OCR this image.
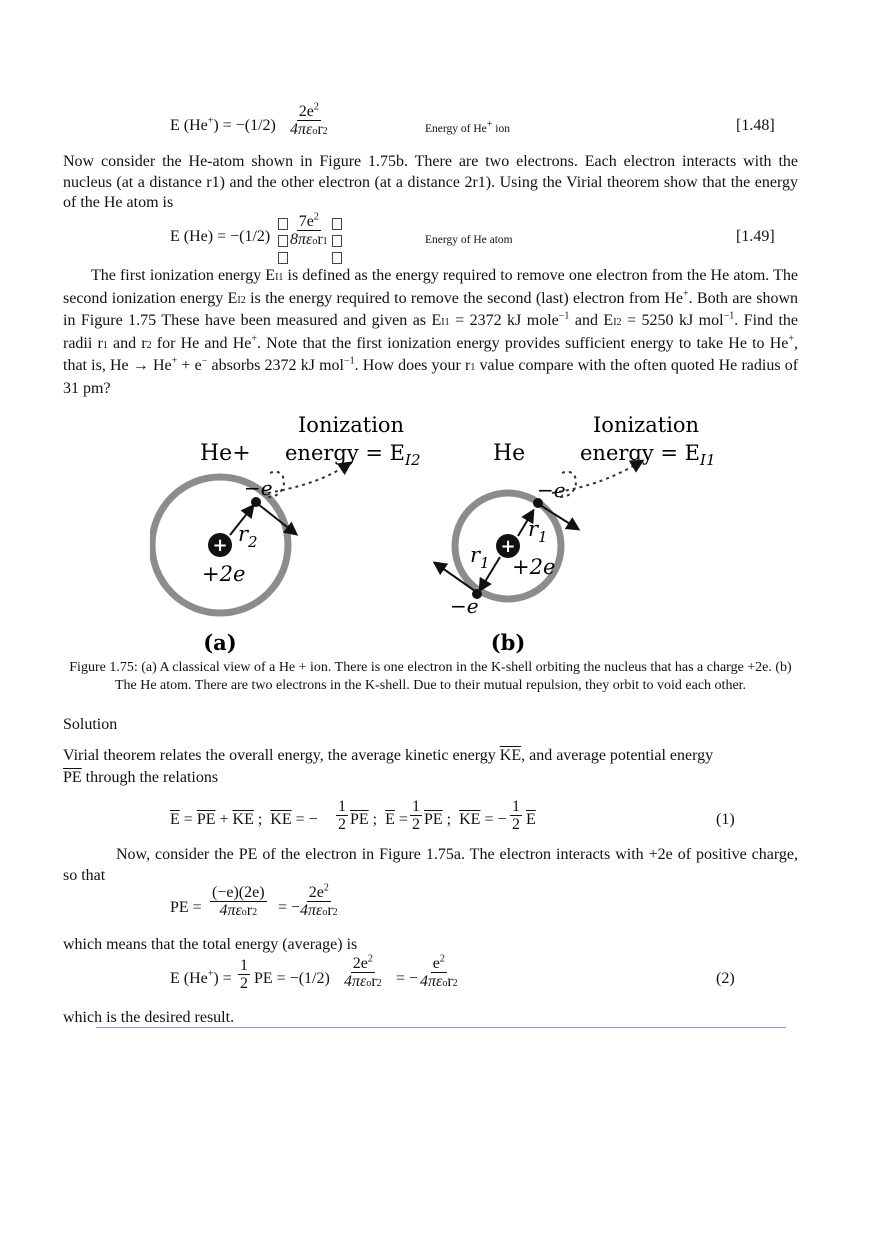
E (He+) = −(1/2)
$2e^2$
4πεor2	Energy of He+ ion	[1.48]
Now consider the He-atom shown in Figure 1.75b. There are two electrons. Each electron interacts with the nucleus (at a distance r1) and the other electron (at a distance 2r1). Using the Virial theorem show that the energy of the He atom is
E (He) = −(1/2)

$7e^2$
8πεor1	Energy of He atom	[1.49]
The first ionization energy EI1 is defined as the energy required to remove one electron from the He atom. The second ionization energy EI2 is the energy required to remove the second (last) electron from He+. Both are shown in Figure 1.75 These have been measured and given as EI1 = 2372 kJ mole$^{-1}$ and EI2 = 5250 kJ mol$^{-1}$. Find the radii r1 and r2 for He and He+. Note that the first ionization energy provides sufficient energy to take He to He+, that is, He → He+ + e− absorbs 2372 kJ mol$^{-1}$. How does your r1 value compare with the often quoted He radius of 31 pm?
He+
Ionization
energy = $E_{I2}$
+
+2e
$r_2$
−e
(a)
He
Ionization
energy = $E_{I1}$
+
+2e
$r_1$
$r_1$
−e
−e
(b)
Figure 1.75: (a) A classical view of a He + ion. There is one electron in the K-shell orbiting the nucleus that has a charge +2e. (b) The He atom. There are two electrons in the K-shell. Due to their mutual repulsion, they orbit to void each other.
Solution
Virial theorem relates the overall energy, the average kinetic energy $\overline{KE}$, and average potential energy
$\overline{PE}$ through the relations
$\overline{E} = \overline{PE} + \overline{KE}$ ;  $\overline{KE}$ = − $\frac{1}{2} \overline{PE}$ ;  $\overline{E} = \frac{1}{2} \overline{PE}$ ;  $\overline{KE}$ = − $\frac{1}{2} \overline{E}$	(1)
Now, consider the PE of the electron in Figure 1.75a. The electron interacts with +2e of positive charge, so that
PE =
(−e)(2e)
4πεor2 = −
$2e^2$
4πεor2
which means that the total energy (average) is
E $(He^+) = \frac{1}{2}$ PE = −(1/2)
$2e^2$
4πεor2 = −
$e^2$
4πεor2	(2)
which is the desired result.
